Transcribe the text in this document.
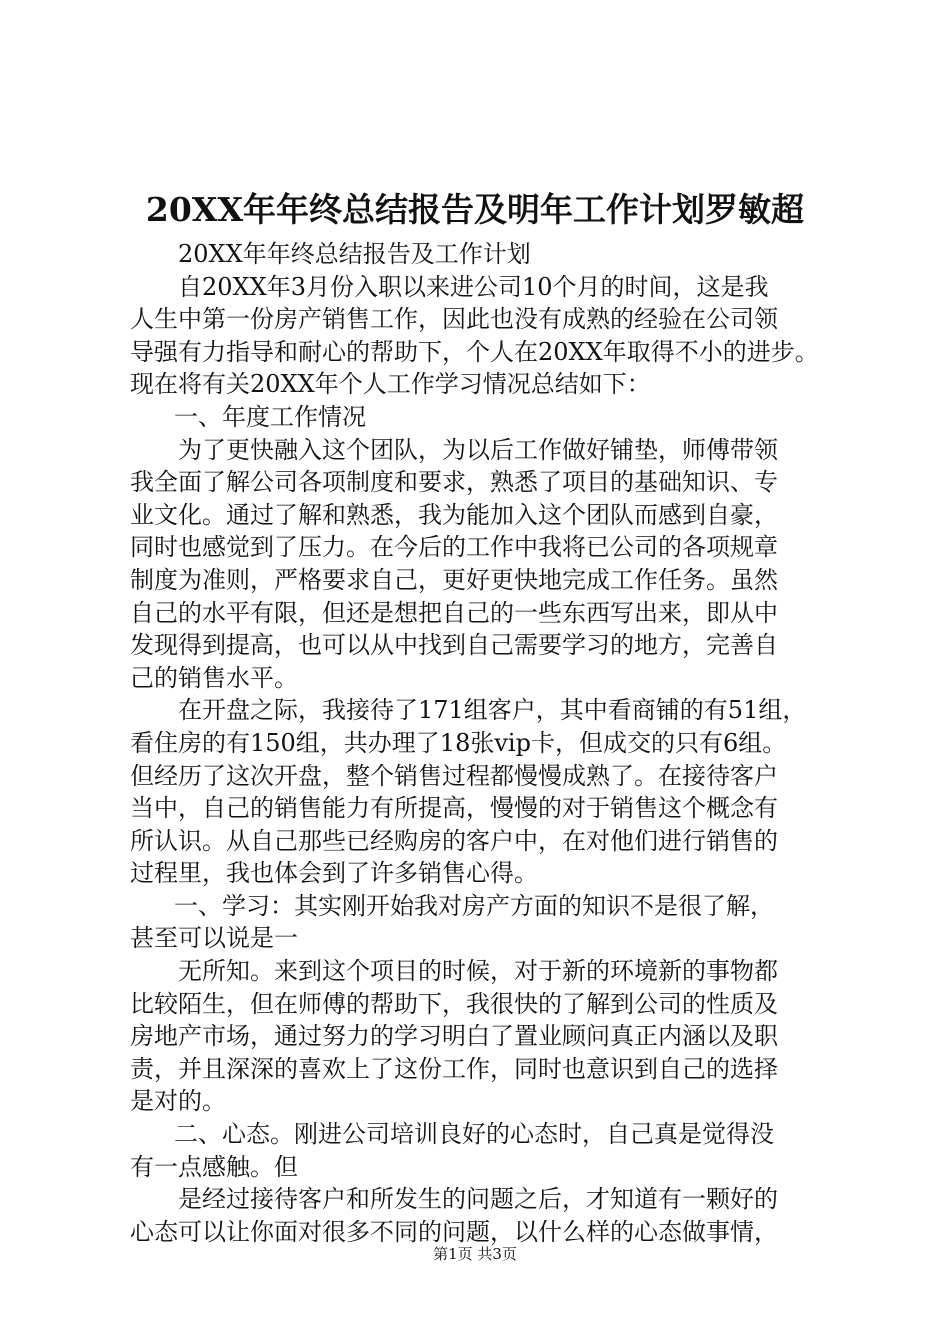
20XX年年终总结报告及明年工作计划罗敏超
20XX年年终总结报告及工作计划
自20XX年3月份入职以来进公司10个月的时间，这是我
人生中第一份房产销售工作，因此也没有成熟的经验在公司领
导强有力指导和耐心的帮助下，个人在20XX年取得不小的进步。
现在将有关20XX年个人工作学习情况总结如下：
一、年度工作情况
为了更快融入这个团队，为以后工作做好铺垫，师傅带领
我全面了解公司各项制度和要求，熟悉了项目的基础知识、专
业文化。通过了解和熟悉，我为能加入这个团队而感到自豪，
同时也感觉到了压力。在今后的工作中我将已公司的各项规章
制度为准则，严格要求自己，更好更快地完成工作任务。虽然
自己的水平有限，但还是想把自己的一些东西写出来，即从中
发现得到提高，也可以从中找到自己需要学习的地方，完善自
己的销售水平。
在开盘之际，我接待了171组客户，其中看商铺的有51组，
看住房的有150组，共办理了18张vip卡，但成交的只有6组。
但经历了这次开盘，整个销售过程都慢慢成熟了。在接待客户
当中，自己的销售能力有所提高，慢慢的对于销售这个概念有
所认识。从自己那些已经购房的客户中，在对他们进行销售的
过程里，我也体会到了许多销售心得。
一、学习：其实刚开始我对房产方面的知识不是很了解，
甚至可以说是一
无所知。来到这个项目的时候，对于新的环境新的事物都
比较陌生，但在师傅的帮助下，我很快的了解到公司的性质及
房地产市场，通过努力的学习明白了置业顾问真正内涵以及职
责，并且深深的喜欢上了这份工作，同时也意识到自己的选择
是对的。
二、心态。刚进公司培训良好的心态时，自己真是觉得没
有一点感触。但
是经过接待客户和所发生的问题之后，才知道有一颗好的
心态可以让你面对很多不同的问题，以什么样的心态做事情，
第1页 共3页
